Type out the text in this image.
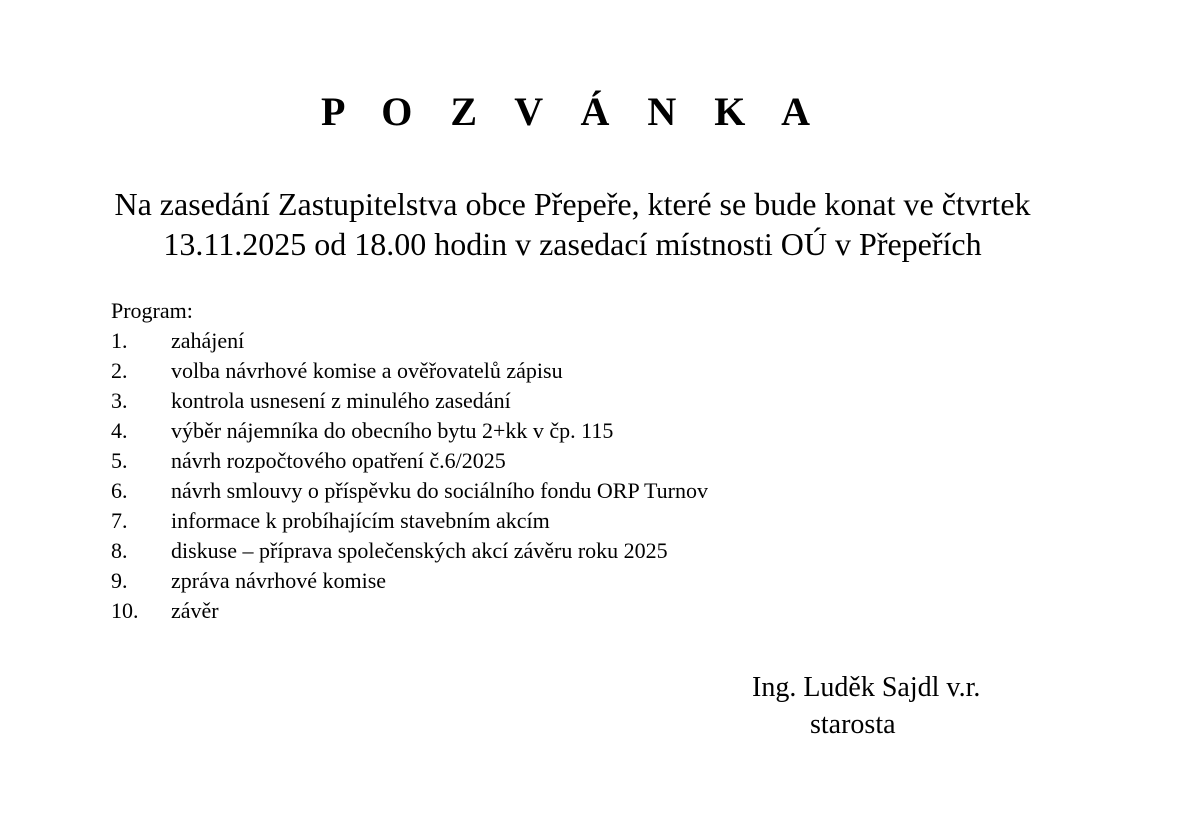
P O Z V Á N K A
Na zasedání Zastupitelstva obce Přepeře, které se bude konat ve čtvrtek
13.11.2025 od 18.00 hodin v zasedací místnosti OÚ v Přepeřích
Program:
1.	zahájení
2.	volba návrhové komise a ověřovatelů zápisu
3.	kontrola usnesení z minulého zasedání
4.	výběr nájemníka do obecního bytu 2+kk v čp. 115
5.	návrh rozpočtového opatření č.6/2025
6.	návrh smlouvy o příspěvku do sociálního fondu ORP Turnov
7.	informace k probíhajícím stavebním akcím
8.	diskuse – příprava společenských akcí závěru roku 2025
9.	zpráva návrhové komise
10.	závěr
Ing. Luděk Sajdl v.r.
starosta
